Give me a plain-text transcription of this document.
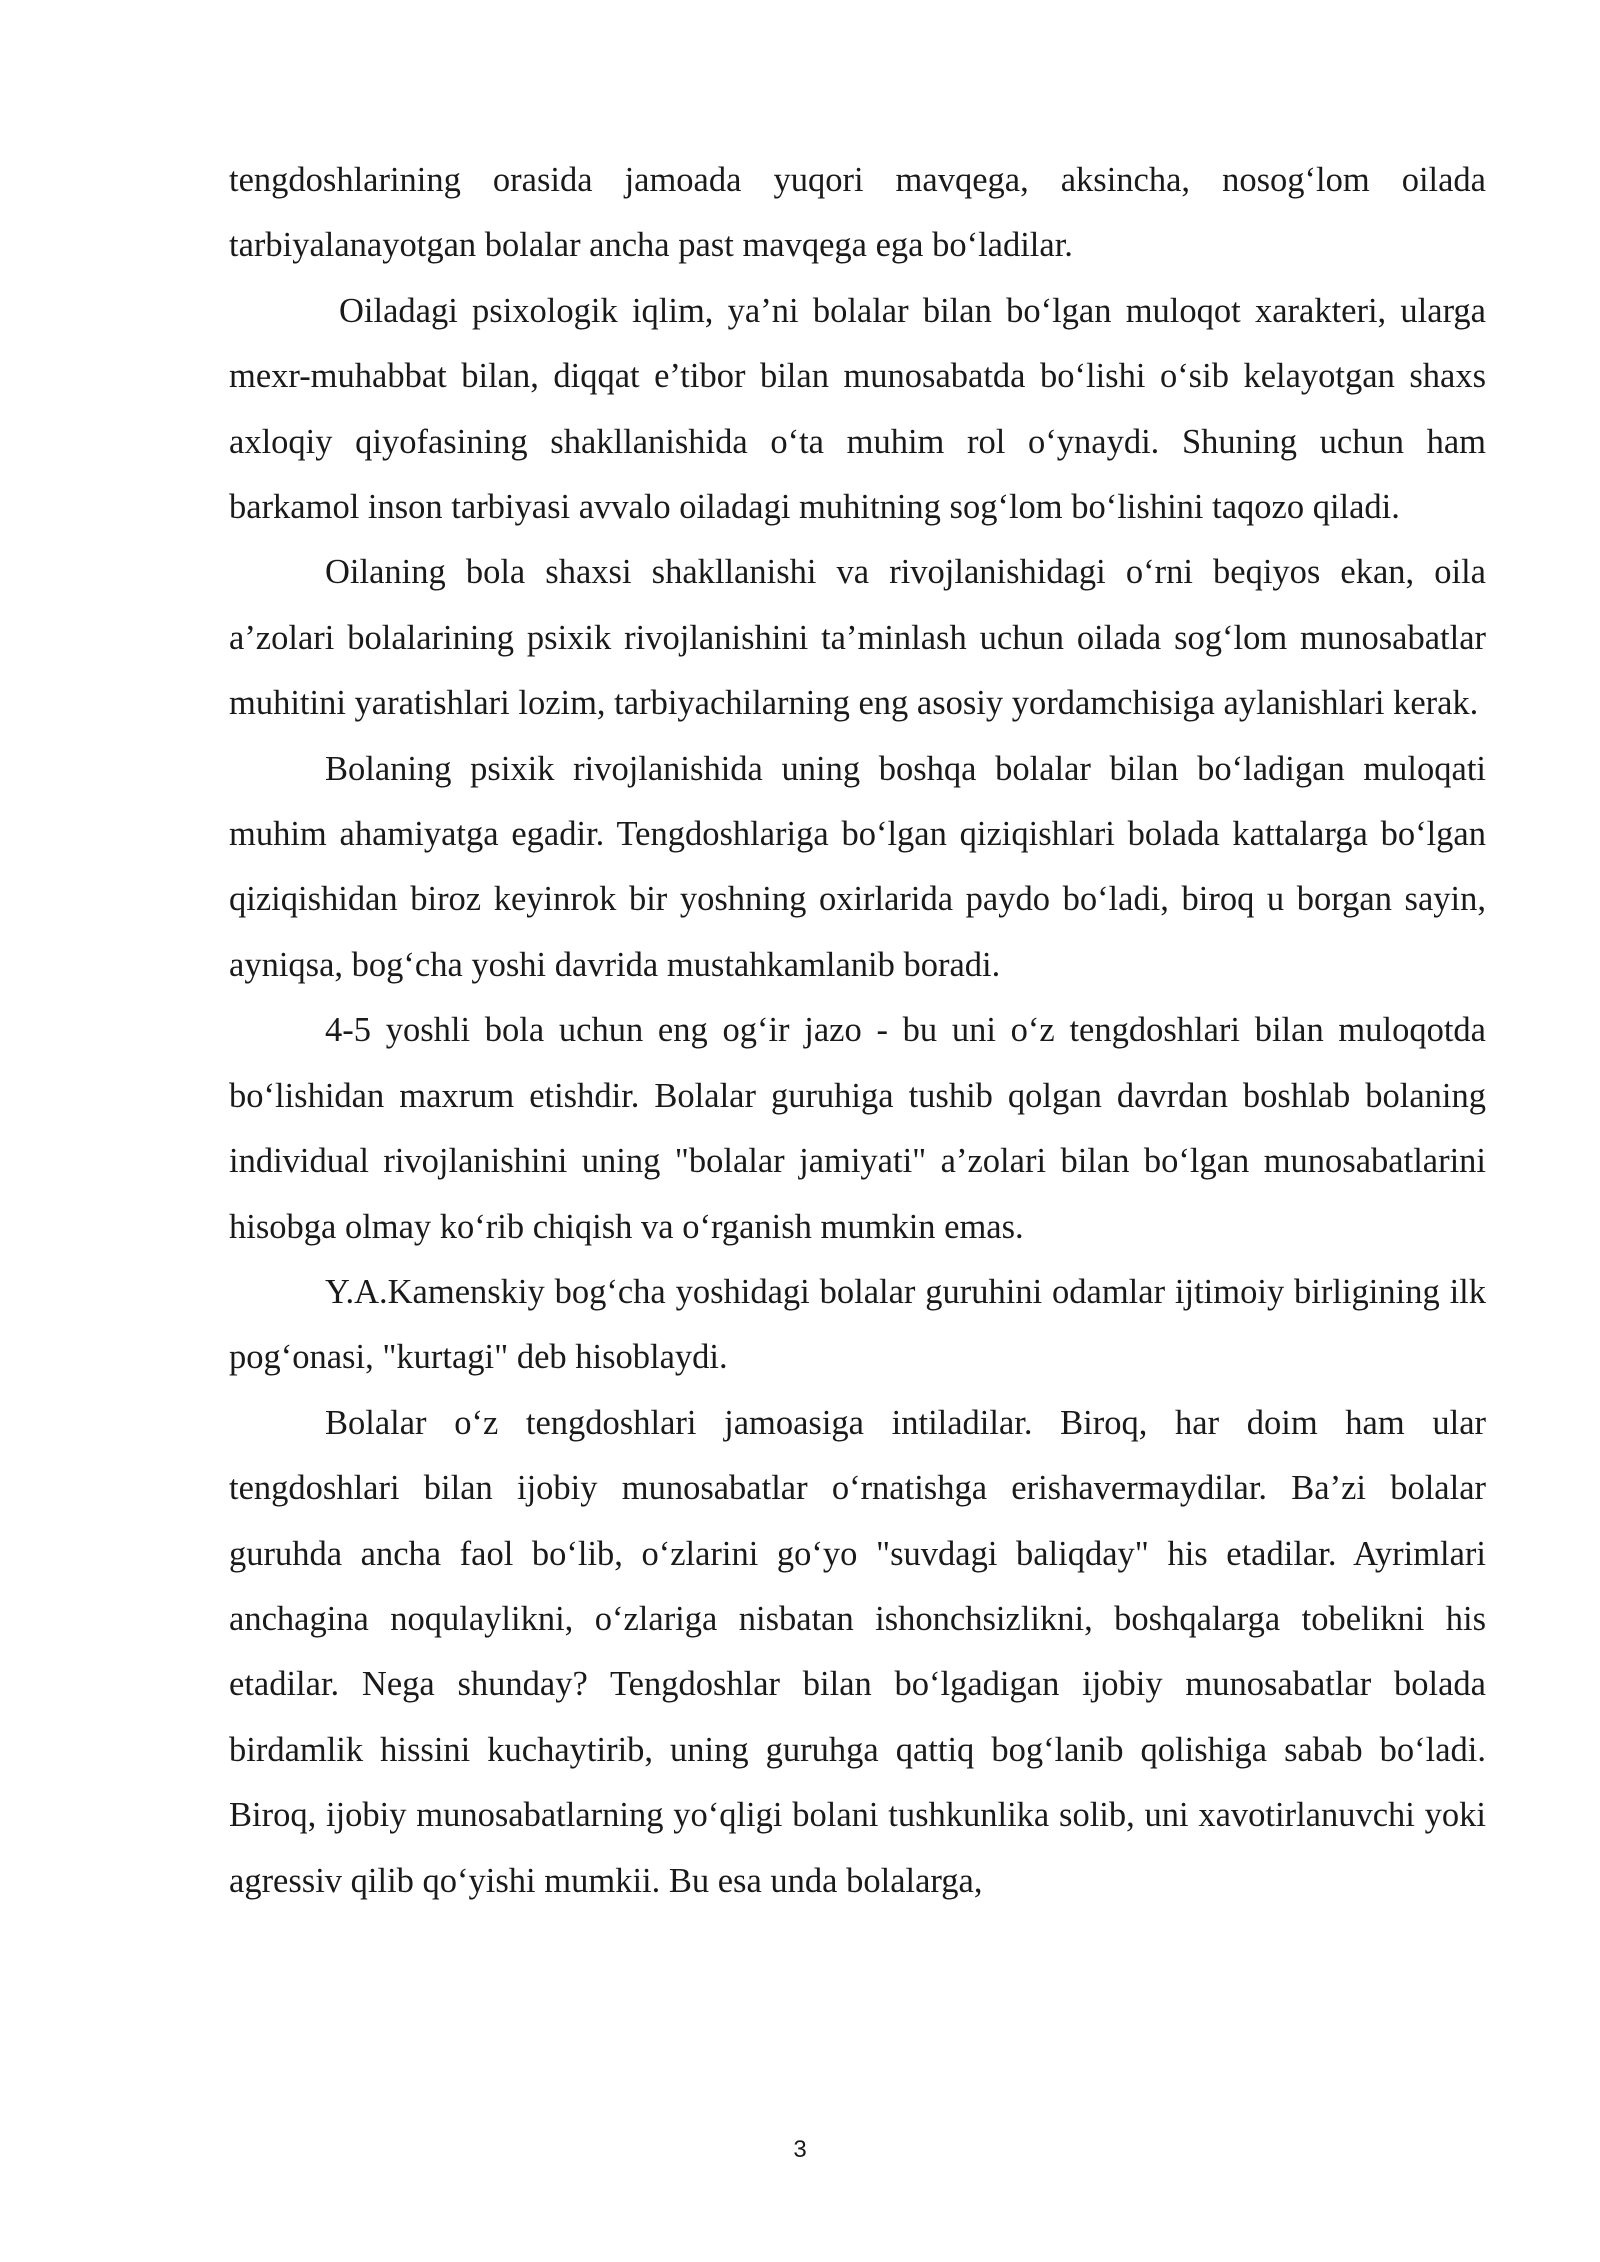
tengdoshlarining orasida jamoada yuqori mavqega, aksincha, nosog‘lom oilada tarbiyalanayotgan bolalar ancha past mavqega ega bo‘ladilar.

Oiladagi psixologik iqlim, ya’ni bolalar bilan bo‘lgan muloqot xarakteri, ularga mexr-muhabbat bilan, diqqat e’tibor bilan munosabatda bo‘lishi o‘sib kelayotgan shaxs axloqiy qiyofasining shakllanishida o‘ta muhim rol o‘ynaydi. Shuning uchun ham barkamol inson tarbiyasi avvalo oiladagi muhitning sog‘lom bo‘lishini taqozo qiladi.

Oilaning bola shaxsi shakllanishi va rivojlanishidagi o‘rni beqiyos ekan, oila a’zolari bolalarining psixik rivojlanishini ta’minlash uchun oilada sog‘lom munosabatlar muhitini yaratishlari lozim, tarbiyachilarning eng asosiy yordamchisiga aylanishlari kerak.

Bolaning psixik rivojlanishida uning boshqa bolalar bilan bo‘ladigan muloqati muhim ahamiyatga egadir. Tengdoshlariga bo‘lgan qiziqishlari bolada kattalarga bo‘lgan qiziqishidan biroz keyinrok bir yoshning oxirlarida paydo bo‘ladi, biroq u borgan sayin, ayniqsa, bog‘cha yoshi davrida mustahkamlanib boradi.

4-5 yoshli bola uchun eng og‘ir jazo - bu uni o‘z tengdoshlari bilan muloqotda bo‘lishidan maxrum etishdir. Bolalar guruhiga tushib qolgan davrdan boshlab bolaning individual rivojlanishini uning "bolalar jamiyati" a’zolari bilan bo‘lgan munosabatlarini hisobga olmay ko‘rib chiqish va o‘rganish mumkin emas.

Y.A.Kamenskiy bog‘cha yoshidagi bolalar guruhini odamlar ijtimoiy birligining ilk pog‘onasi, "kurtagi" deb hisoblaydi.

Bolalar o‘z tengdoshlari jamoasiga intiladilar. Biroq, har doim ham ular tengdoshlari bilan ijobiy munosabatlar o‘rnatishga erishavermaydilar. Ba’zi bolalar guruhda ancha faol bo‘lib, o‘zlarini go‘yo "suvdagi baliqday" his etadilar. Ayrimlari anchagina noqulaylikni, o‘zlariga nisbatan ishonchsizlikni, boshqalarga tobelikni his etadilar. Nega shunday? Tengdoshlar bilan bo‘lgadigan ijobiy munosabatlar bolada birdamlik hissini kuchaytirib, uning guruhga qattiq bog‘lanib qolishiga sabab bo‘ladi. Biroq, ijobiy munosabatlarning yo‘qligi bolani tushkunlika solib, uni xavotirlanuvchi yoki agressiv qilib qo‘yishi mumkii. Bu esa unda bolalarga,

3
